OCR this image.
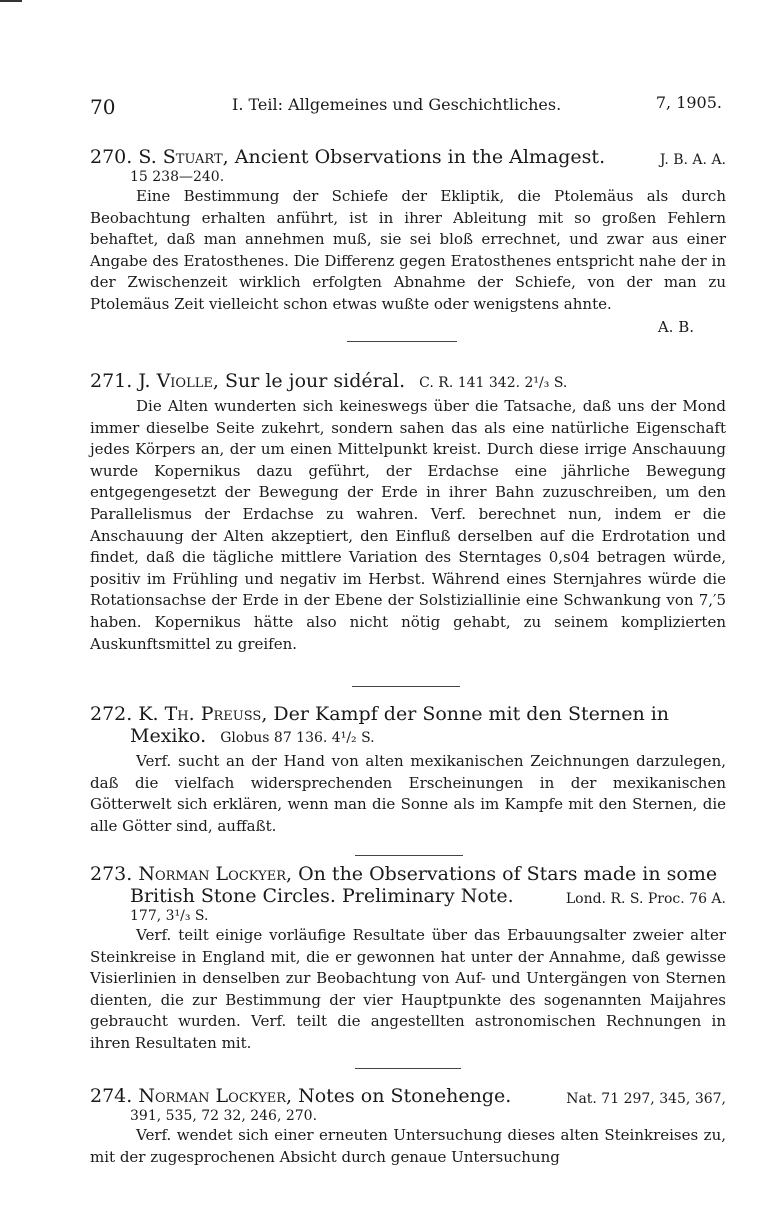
70	I. Teil: Allgemeines und Geschichtliches.	7, 1905.
270. S. Stuart, Ancient Observations in the Almagest.	J. B. A. A.
15 238—240.

Eine Bestimmung der Schiefe der Ekliptik, die Ptolemäus als durch Beobachtung erhalten anführt, ist in ihrer Ableitung mit so großen Fehlern behaftet, daß man annehmen muß, sie sei bloß errechnet, und zwar aus einer Angabe des Eratosthenes. Die Differenz gegen Eratosthenes entspricht nahe der in der Zwischenzeit wirklich erfolgten Abnahme der Schiefe, von der man zu Ptolemäus Zeit vielleicht schon etwas wußte oder wenigstens ahnte.

A. B.
271. J. Violle, Sur le jour sidéral. C. R. 141 342. 2¹/₃ S.

Die Alten wunderten sich keineswegs über die Tatsache, daß uns der Mond immer dieselbe Seite zukehrt, sondern sahen das als eine natürliche Eigenschaft jedes Körpers an, der um einen Mittelpunkt kreist. Durch diese irrige Anschauung wurde Kopernikus dazu geführt, der Erdachse eine jährliche Bewegung entgegengesetzt der Bewegung der Erde in ihrer Bahn zuzuschreiben, um den Parallelismus der Erdachse zu wahren. Verf. berechnet nun, indem er die Anschauung der Alten akzeptiert, den Einfluß derselben auf die Erdrotation und findet, daß die tägliche mittlere Variation des Sterntages 0,s04 betragen würde, positiv im Frühling und negativ im Herbst. Während eines Sternjahres würde die Rotationsachse der Erde in der Ebene der Solstiziallinie eine Schwankung von 7,′5 haben. Kopernikus hätte also nicht nötig gehabt, zu seinem komplizierten Auskunftsmittel zu greifen.

272. K. Th. Preuss, Der Kampf der Sonne mit den Sternen in
Mexiko. Globus 87 136. 4¹/₂ S.

Verf. sucht an der Hand von alten mexikanischen Zeichnungen darzulegen, daß die vielfach widersprechenden Erscheinungen in der mexikanischen Götterwelt sich erklären, wenn man die Sonne als im Kampfe mit den Sternen, die alle Götter sind, auffaßt.

273. Norman Lockyer, On the Observations of Stars made in some
British Stone Circles. Preliminary Note.	Lond. R. S. Proc. 76 A.
177, 3¹/₃ S.

Verf. teilt einige vorläufige Resultate über das Erbauungsalter zweier alter Steinkreise in England mit, die er gewonnen hat unter der Annahme, daß gewisse Visierlinien in denselben zur Beobachtung von Auf- und Untergängen von Sternen dienten, die zur Bestimmung der vier Hauptpunkte des sogenannten Maijahres gebraucht wurden. Verf. teilt die angestellten astronomischen Rechnungen in ihren Resultaten mit.

274. Norman Lockyer, Notes on Stonehenge.	Nat. 71 297, 345, 367,
391, 535, 72 32, 246, 270.

Verf. wendet sich einer erneuten Untersuchung dieses alten Steinkreises zu, mit der zugesprochenen Absicht durch genaue Untersuchung
